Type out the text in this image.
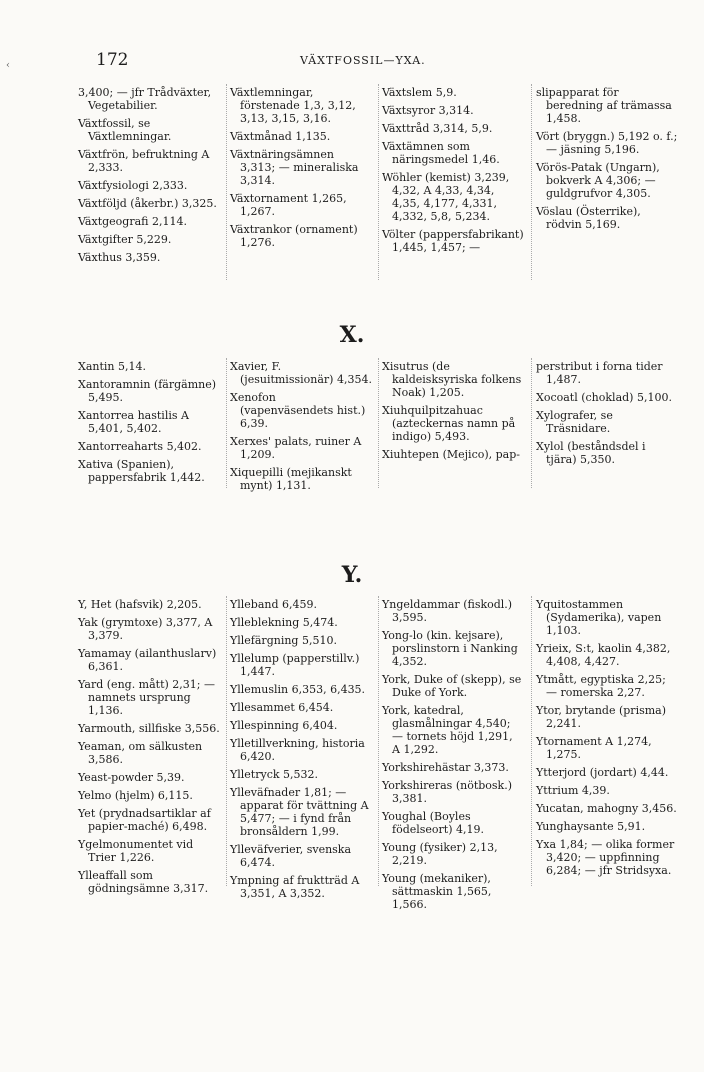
‹	172	VÄXTFOSSIL—YXA.
3,400; — jfr Trådväxter, Vegetabilier.
Växtfossil, se Växtlemningar.
Växtfrön, befruktning A 2,333.
Växtfysiologi 2,333.
Växtföljd (åkerbr.) 3,325.
Växtgeografi 2,114.
Växtgifter 5,229.
Växthus 3,359.
Växtlemningar, förstenade 1,3, 3,12, 3,13, 3,15, 3,16.
Växtmånad 1,135.
Växtnäringsämnen 3,313; — mineraliska 3,314.
Växtornament 1,265, 1,267.
Växtrankor (ornament) 1,276.
Växtslem 5,9.
Växtsyror 3,314.
Växttråd 3,314, 5,9.
Växtämnen som näringsmedel 1,46.
Wöhler (kemist) 3,239, 4,32, A 4,33, 4,34, 4,35, 4,177, 4,331, 4,332, 5,8, 5,234.
Völter (pappersfabrikant) 1,445, 1,457; —
slipapparat för beredning af trämassa 1,458.
Vört (bryggn.) 5,192 o. f.; — jäsning 5,196.
Vörös-Patak (Ungarn), bokverk A 4,306; — guldgrufvor 4,305.
Vöslau (Österrike), rödvin 5,169.
X.
Xantin 5,14.
Xantoramnin (färgämne) 5,495.
Xantorrea hastilis A 5,401, 5,402.
Xantorreaharts 5,402.
Xativa (Spanien), pappersfabrik 1,442.
Xavier, F. (jesuitmissionär) 4,354.
Xenofon (vapenväsendets hist.) 6,39.
Xerxes' palats, ruiner A 1,209.
Xiquepilli (mejikanskt mynt) 1,131.
Xisutrus (de kaldeisksyriska folkens Noak) 1,205.
Xiuhquilpitzahuac (azteckernas namn på indigo) 5,493.
Xiuhtepen (Mejico), pap-
perstribut i forna tider 1,487.
Xocoatl (choklad) 5,100.
Xylografer, se Träsnidare.
Xylol (beståndsdel i tjära) 5,350.
Y.
Y, Het (hafsvik) 2,205.
Yak (grymtoxe) 3,377, A 3,379.
Yamamay (ailanthuslarv) 6,361.
Yard (eng. mått) 2,31; — namnets ursprung 1,136.
Yarmouth, sillfiske 3,556.
Yeaman, om sälkusten 3,586.
Yeast-powder 5,39.
Yelmo (hjelm) 6,115.
Yet (prydnadsartiklar af papier-maché) 6,498.
Ygelmonumentet vid Trier 1,226.
Ylleaffall som gödningsämne 3,317.
Ylleband 6,459.
Ylleblekning 5,474.
Yllefärgning 5,510.
Yllelump (papperstillv.) 1,447.
Yllemuslin 6,353, 6,435.
Yllesammet 6,454.
Yllespinning 6,404.
Ylletillverkning, historia 6,420.
Ylletryck 5,532.
Ylleväfnader 1,81; — apparat för tvättning A 5,477; — i fynd från bronsåldern 1,99.
Ylleväfverier, svenska 6,474.
Ympning af fruktträd A 3,351, A 3,352.
Yngeldammar (fiskodl.) 3,595.
Yong-lo (kin. kejsare), porslinstorn i Nanking 4,352.
York, Duke of (skepp), se Duke of York.
York, katedral, glasmålningar 4,540; — tornets höjd 1,291, A 1,292.
Yorkshirehästar 3,373.
Yorkshireras (nötbosk.) 3,381.
Youghal (Boyles födelseort) 4,19.
Young (fysiker) 2,13, 2,219.
Young (mekaniker), sättmaskin 1,565, 1,566.
Yquitostammen (Sydamerika), vapen 1,103.
Yrieix, S:t, kaolin 4,382, 4,408, 4,427.
Ytmått, egyptiska 2,25; — romerska 2,27.
Ytor, brytande (prisma) 2,241.
Ytornament A 1,274, 1,275.
Ytterjord (jordart) 4,44.
Yttrium 4,39.
Yucatan, mahogny 3,456.
Yunghaysante 5,91.
Yxa 1,84; — olika former 3,420; — uppfinning 6,284; — jfr Stridsyxa.
